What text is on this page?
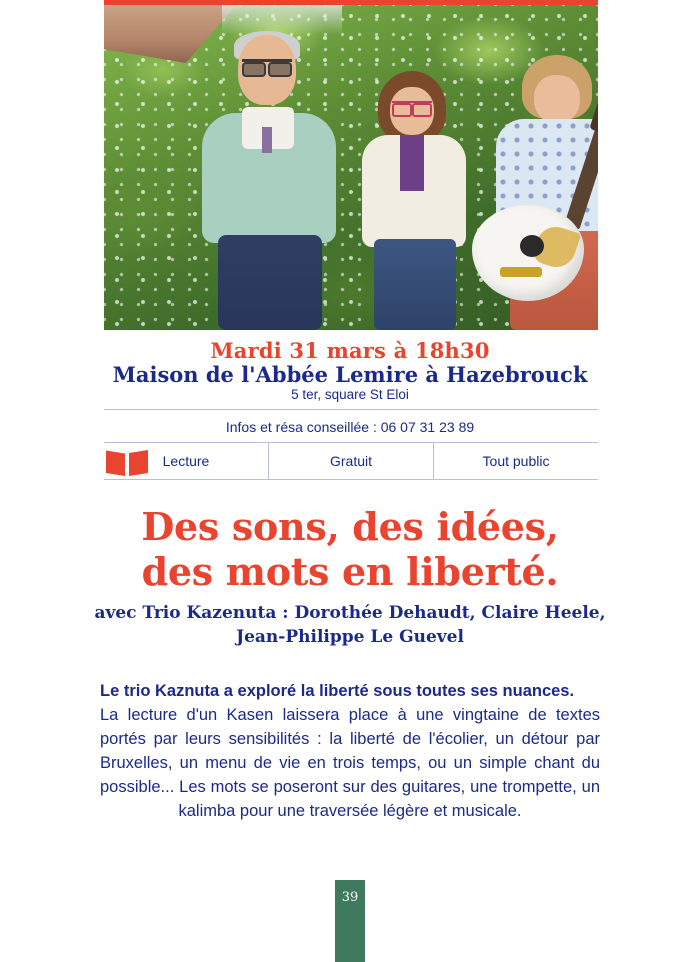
Mardi 31 mars à 18h30
Maison de l'Abbée Lemire à Hazebrouck
5 ter, square St Eloi
Infos et résa conseillée : 06 07 31 23 89
Lecture	Gratuit	Tout public
Des sons, des idées,
des mots en liberté.
avec Trio Kazenuta : Dorothée Dehaudt, Claire Heele,
Jean-Philippe Le Guevel
Le trio Kaznuta a exploré la liberté sous toutes ses nuances.
La lecture d'un Kasen laissera place à une vingtaine de textes portés par leurs sensibilités : la liberté de l'écolier, un détour par Bruxelles, un menu de vie en trois temps, ou un simple chant du possible... Les mots se poseront sur des guitares, une trompette, un kalimba pour une traversée légère et musicale.
39
